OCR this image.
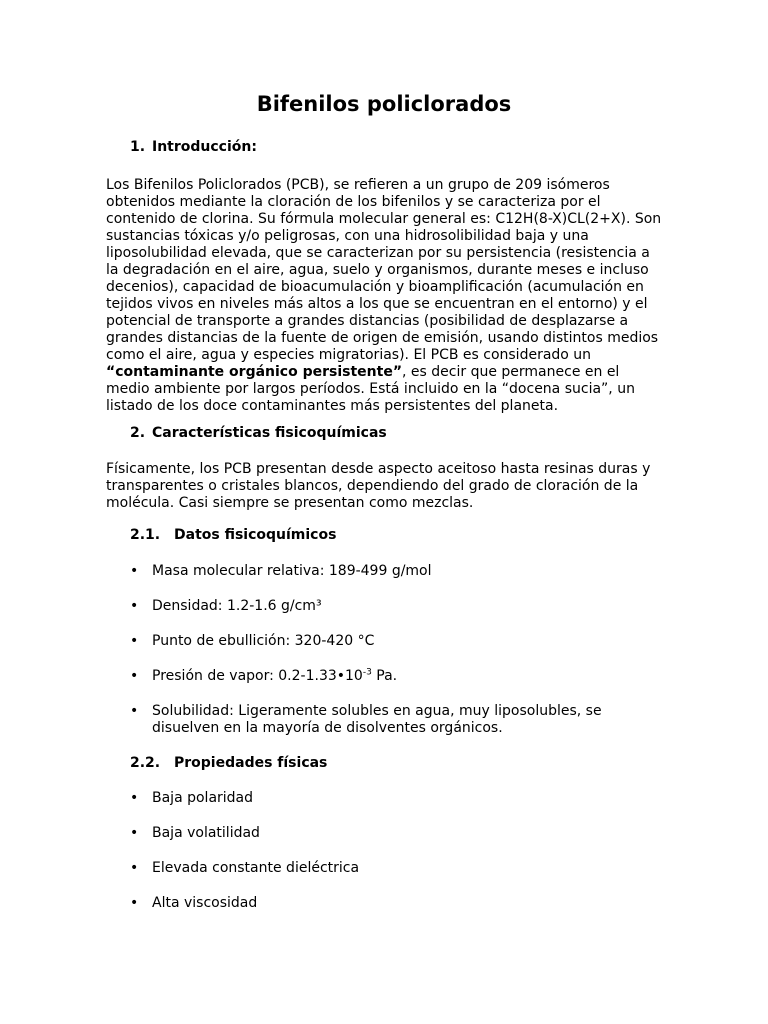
Bifenilos policlorados
1. Introducción:

Los Bifenilos Policlorados (PCB), se refieren a un grupo de 209 isómeros obtenidos mediante la cloración de los bifenilos y se caracteriza por el contenido de clorina. Su fórmula molecular general es: C12H(8-X)CL(2+X). Son sustancias tóxicas y/o peligrosas, con una hidrosolibilidad baja y una liposolubilidad elevada, que se caracterizan por su persistencia (resistencia a la degradación en el aire, agua, suelo y organismos, durante meses e incluso decenios), capacidad de bioacumulación y bioamplificación (acumulación en tejidos vivos en niveles más altos a los que se encuentran en el entorno) y el potencial de transporte a grandes distancias (posibilidad de desplazarse a grandes distancias de la fuente de origen de emisión, usando distintos medios como el aire, agua y especies migratorias). El PCB es considerado un “contaminante orgánico persistente”, es decir que permanece en el medio ambiente por largos períodos. Está incluido en la “docena sucia”, un listado de los doce contaminantes más persistentes del planeta.

2. Características fisicoquímicas

Físicamente, los PCB presentan desde aspecto aceitoso hasta resinas duras y transparentes o cristales blancos, dependiendo del grado de cloración de la molécula. Casi siempre se presentan como mezclas.

2.1. Datos fisicoquímicos
• Masa molecular relativa: 189-499 g/mol
• Densidad: 1.2-1.6 g/cm³
• Punto de ebullición: 320-420 °C
• Presión de vapor: $0.2-1.33•10^{-3}$ Pa.
• Solubilidad: Ligeramente solubles en agua, muy liposolubles, se disuelven en la mayoría de disolventes orgánicos.
2.2. Propiedades físicas
• Baja polaridad
• Baja volatilidad
• Elevada constante dieléctrica
• Alta viscosidad
